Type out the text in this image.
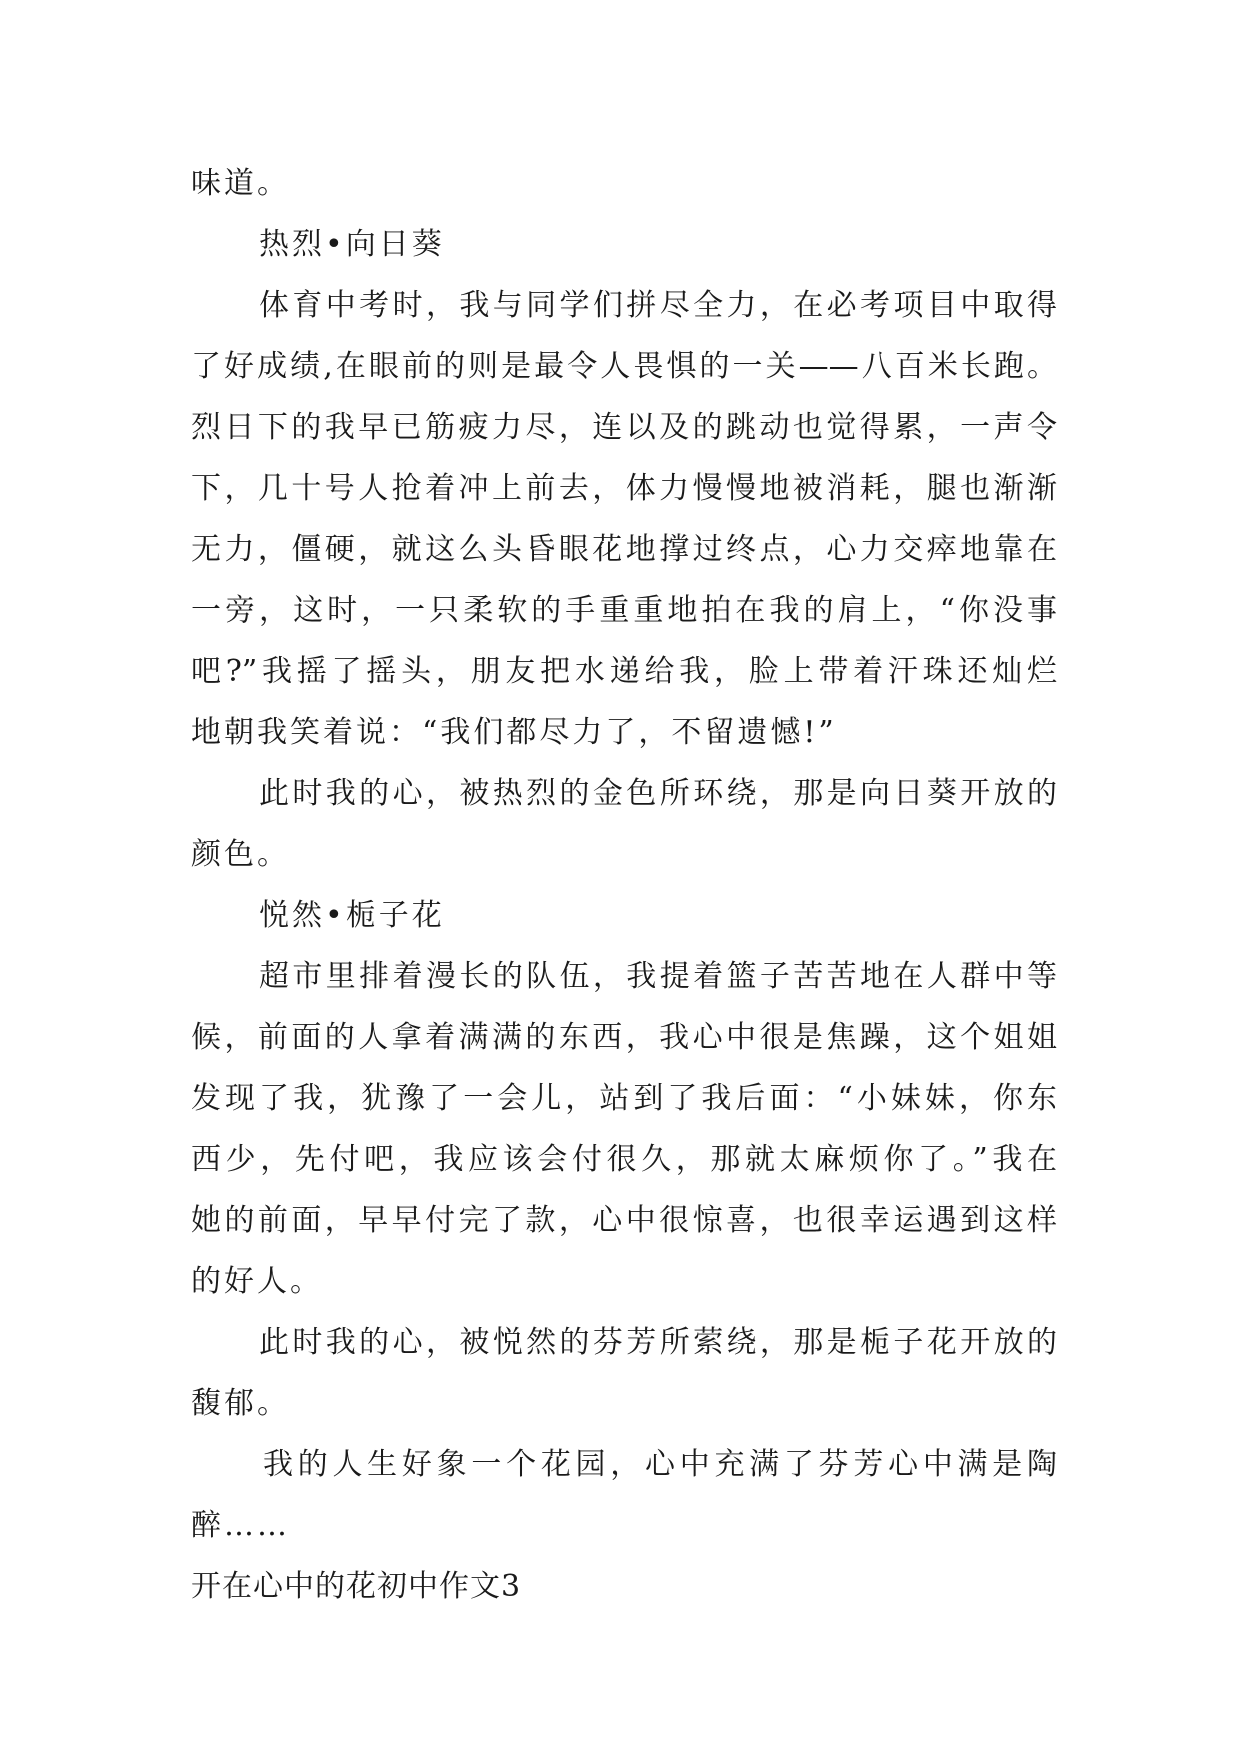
味道。
热烈•向日葵
体育中考时，我与同学们拼尽全力，在必考项目中取得
了好成绩,在眼前的则是最令人畏惧的一关——八百米长跑。
烈日下的我早已筋疲力尽，连以及的跳动也觉得累，一声令
下，几十号人抢着冲上前去，体力慢慢地被消耗，腿也渐渐
无力，僵硬，就这么头昏眼花地撑过终点，心力交瘁地靠在
一旁，这时，一只柔软的手重重地拍在我的肩上，“你没事
吧?”我摇了摇头，朋友把水递给我，脸上带着汗珠还灿烂
地朝我笑着说：“我们都尽力了，不留遗憾!”
此时我的心，被热烈的金色所环绕，那是向日葵开放的
颜色。
悦然•栀子花
超市里排着漫长的队伍，我提着篮子苦苦地在人群中等
候，前面的人拿着满满的东西，我心中很是焦躁，这个姐姐
发现了我，犹豫了一会儿，站到了我后面：“小妹妹，你东
西少，先付吧，我应该会付很久，那就太麻烦你了。”我在
她的前面，早早付完了款，心中很惊喜，也很幸运遇到这样
的好人。
此时我的心，被悦然的芬芳所萦绕，那是栀子花开放的
馥郁。
我的人生好象一个花园，心中充满了芬芳心中满是陶
醉……
开在心中的花初中作文3
